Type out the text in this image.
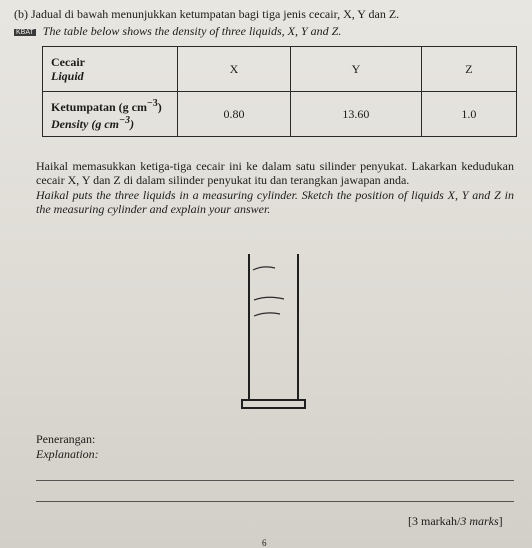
(b) Jadual di bawah menunjukkan ketumpatan bagi tiga jenis cecair, X, Y dan Z.
KBAT The table below shows the density of three liquids, X, Y and Z.
Cecair
Liquid	X	Y	Z

Ketumpatan (g $cm^{-3}$)
Density (g $cm^{-3}$)	0.80	13.60	1.0
Haikal memasukkan ketiga-tiga cecair ini ke dalam satu silinder penyukat. Lakarkan kedudukan cecair X, Y dan Z di dalam silinder penyukat itu dan terangkan jawapan anda.
Haikal puts the three liquids in a measuring cylinder. Sketch the position of liquids X, Y and Z in the measuring cylinder and explain your answer.
Penerangan:
Explanation:
[3 markah/3 marks]
6
